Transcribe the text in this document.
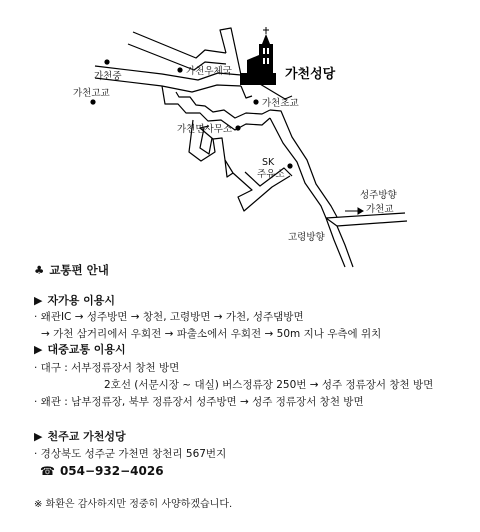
가천성당
가천우체국
가천중
가천고교
가천초교
가천면사무소
SK
주유소
성주방향
가천교
고령방향
♣ 교통편 안내
▶ 자가용 이용시
· 왜관IC → 성주방면 → 창천, 고령방면 → 가천, 성주댐방면
→ 가천 삼거리에서 우회전 → 파출소에서 우회전 → 50m 지나 우측에 위치
▶ 대중교통 이용시
· 대구 : 서부정류장서 창천 방면
2호선 (서문시장 ~ 대실) 버스정류장 250번 → 성주 정류장서 창천 방면
· 왜관 : 남부정류장, 북부 정류장서 성주방면 → 성주 정류장서 창천 방면
▶ 천주교 가천성당
· 경상북도 성주군 가천면 창천리 567번지
☎ 054−932−4026
※ 화환은 감사하지만 정중히 사양하겠습니다.
